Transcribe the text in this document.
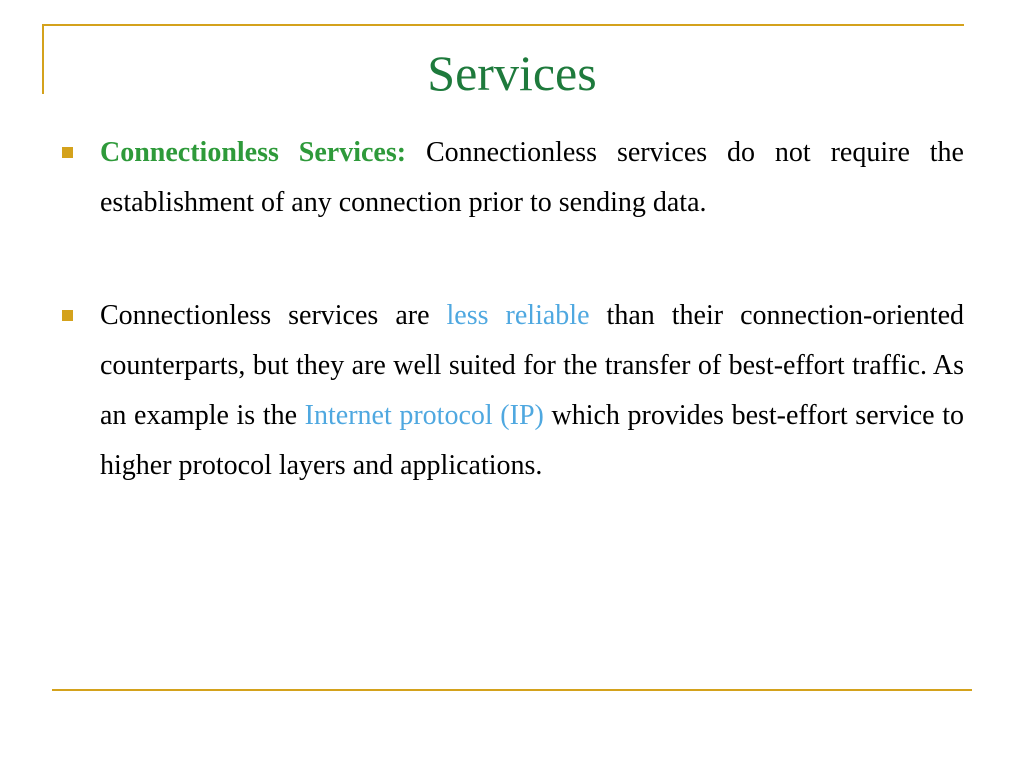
Services
Connectionless Services: Connectionless services do not require the establishment of any connection prior to sending data.
Connectionless services are less reliable than their connection-oriented counterparts, but they are well suited for the transfer of best-effort traffic. As an example is the Internet protocol (IP) which provides best-effort service to higher protocol layers and applications.
